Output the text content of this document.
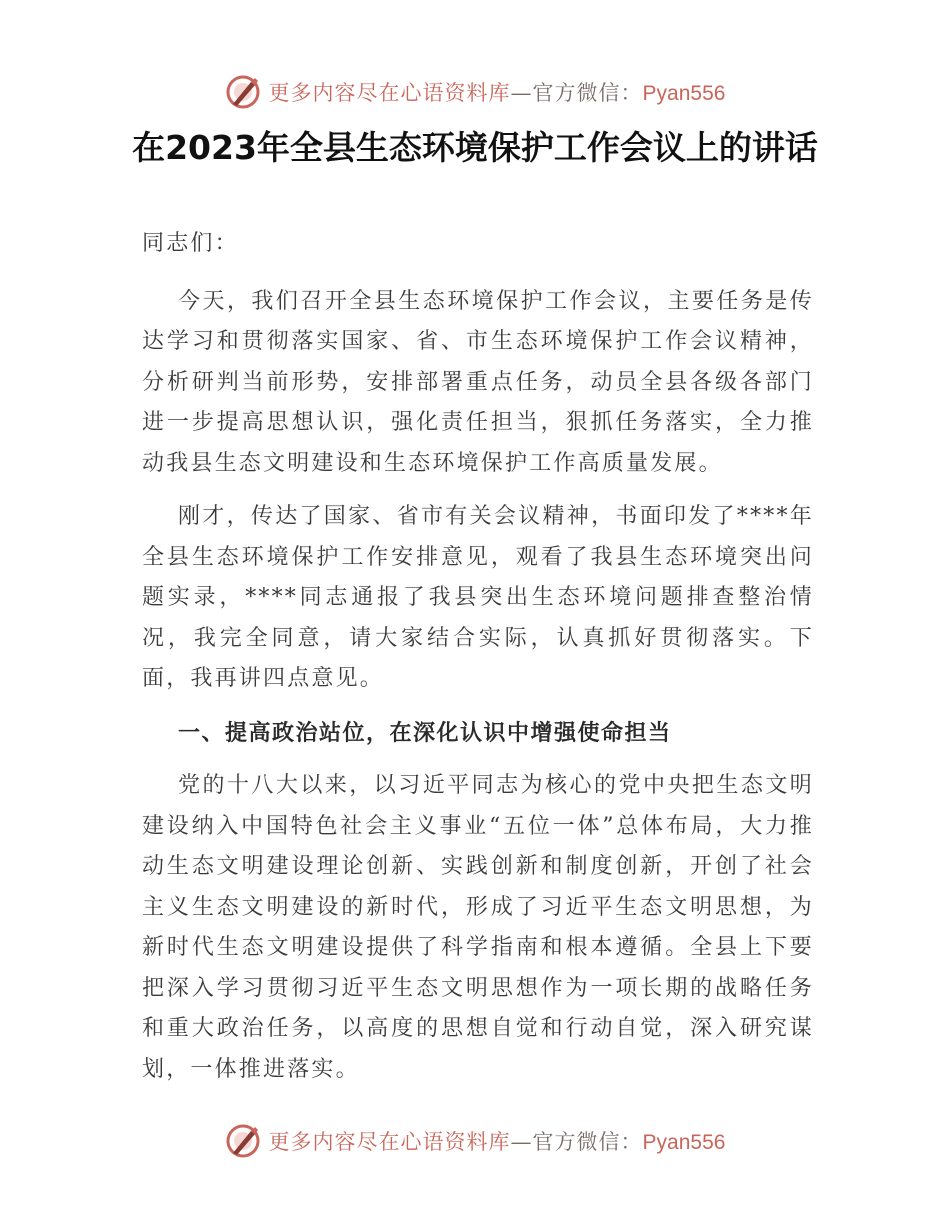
更多内容尽在心语资料库—官方微信：Pyan556
在2023年全县生态环境保护工作会议上的讲话

同志们：

今天，我们召开全县生态环境保护工作会议，主要任务是传达学习和贯彻落实国家、省、市生态环境保护工作会议精神，分析研判当前形势，安排部署重点任务，动员全县各级各部门进一步提高思想认识，强化责任担当，狠抓任务落实，全力推动我县生态文明建设和生态环境保护工作高质量发展。

刚才，传达了国家、省市有关会议精神，书面印发了****年全县生态环境保护工作安排意见，观看了我县生态环境突出问题实录，****同志通报了我县突出生态环境问题排查整治情况，我完全同意，请大家结合实际，认真抓好贯彻落实。下面，我再讲四点意见。

一、提高政治站位，在深化认识中增强使命担当

党的十八大以来，以习近平同志为核心的党中央把生态文明建设纳入中国特色社会主义事业“五位一体”总体布局，大力推动生态文明建设理论创新、实践创新和制度创新，开创了社会主义生态文明建设的新时代，形成了习近平生态文明思想，为新时代生态文明建设提供了科学指南和根本遵循。全县上下要把深入学习贯彻习近平生态文明思想作为一项长期的战略任务和重大政治任务，以高度的思想自觉和行动自觉，深入研究谋划，一体推进落实。

更多内容尽在心语资料库—官方微信：Pyan556
